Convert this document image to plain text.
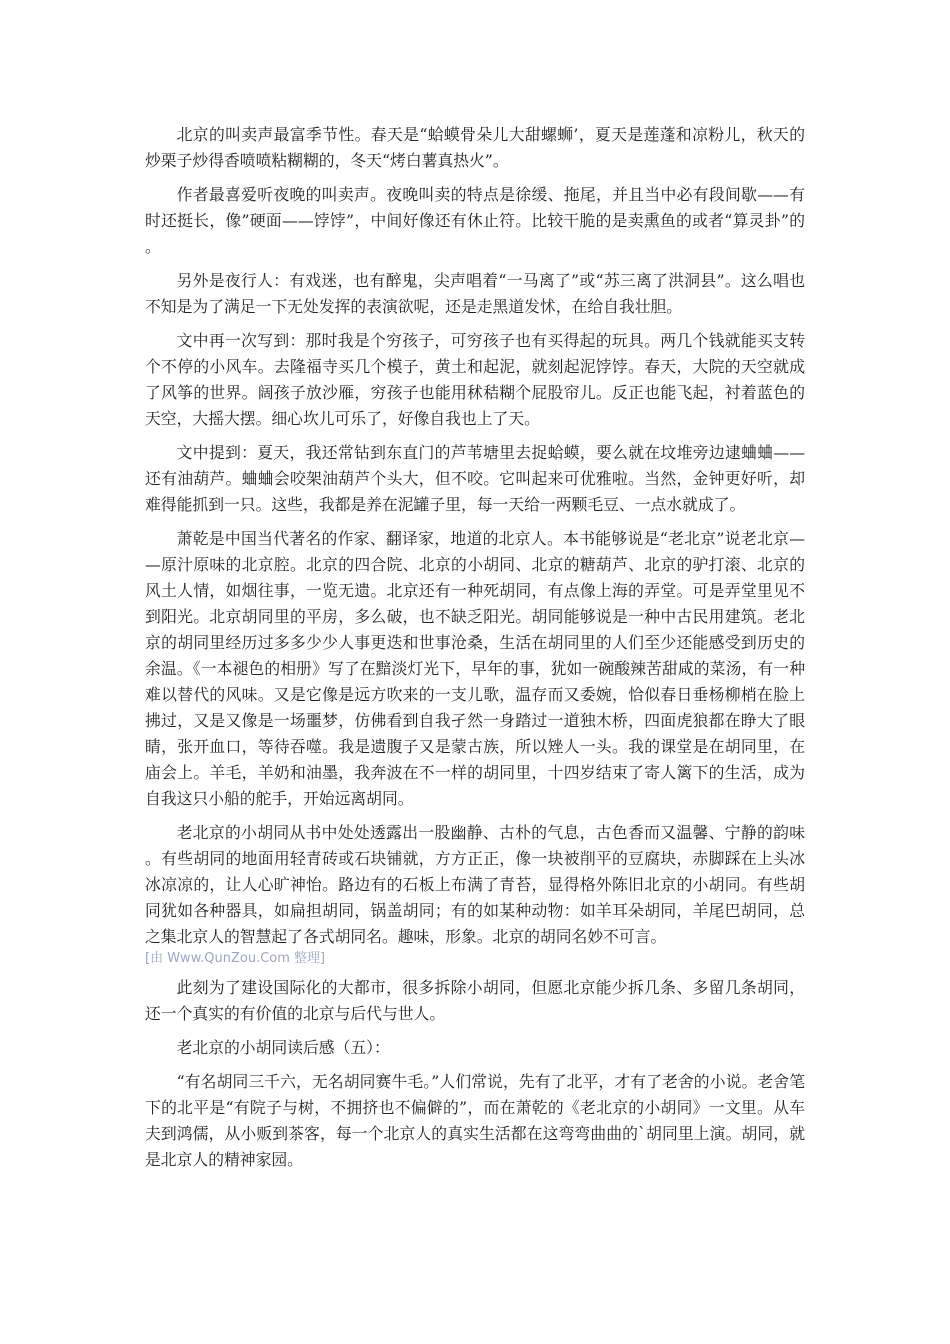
北京的叫卖声最富季节性。春天是“蛤蟆骨朵儿大甜螺蛳’，夏天是莲蓬和凉粉儿，秋天的炒栗子炒得香喷喷粘糊糊的，冬天“烤白薯真热火”。

作者最喜爱听夜晚的叫卖声。夜晚叫卖的特点是徐缓、拖尾，并且当中必有段间歇——有时还挺长，像”硬面——饽饽”，中间好像还有休止符。比较干脆的是卖熏鱼的或者“算灵卦”的。

另外是夜行人：有戏迷，也有醉鬼，尖声唱着“一马离了”或“苏三离了洪洞县”。这么唱也不知是为了满足一下无处发挥的表演欲呢，还是走黑道发怵，在给自我壮胆。

文中再一次写到：那时我是个穷孩子，可穷孩子也有买得起的玩具。两几个钱就能买支转个不停的小风车。去隆福寺买几个模子，黄土和起泥，就刻起泥饽饽。春天，大院的天空就成了风筝的世界。阔孩子放沙雁，穷孩子也能用秫秸糊个屁股帘儿。反正也能飞起，衬着蓝色的天空，大摇大摆。细心坎儿可乐了，好像自我也上了天。

文中提到：夏天，我还常钻到东直门的芦苇塘里去捉蛤蟆，要么就在坟堆旁边逮蛐蛐——还有油葫芦。蛐蛐会咬架油葫芦个头大，但不咬。它叫起来可优雅啦。当然，金钟更好听，却难得能抓到一只。这些，我都是养在泥罐子里，每一天给一两颗毛豆、一点水就成了。

萧乾是中国当代著名的作家、翻译家，地道的北京人。本书能够说是“老北京”说老北京——原汁原味的北京腔。北京的四合院、北京的小胡同、北京的糖葫芦、北京的驴打滚、北京的风土人情，如烟往事，一览无遗。北京还有一种死胡同，有点像上海的弄堂。可是弄堂里见不到阳光。北京胡同里的平房，多么破，也不缺乏阳光。胡同能够说是一种中古民用建筑。老北京的胡同里经历过多多少少人事更迭和世事沧桑，生活在胡同里的人们至少还能感受到历史的余温。《一本褪色的相册》写了在黯淡灯光下，早年的事，犹如一碗酸辣苦甜咸的菜汤，有一种难以替代的风味。又是它像是远方吹来的一支儿歌，温存而又委婉，恰似春日垂杨柳梢在脸上拂过，又是又像是一场噩梦，仿佛看到自我孑然一身踏过一道独木桥，四面虎狼都在睁大了眼睛，张开血口，等待吞噬。我是遗腹子又是蒙古族，所以矬人一头。我的课堂是在胡同里，在庙会上。羊毛，羊奶和油墨，我奔波在不一样的胡同里，十四岁结束了寄人篱下的生活，成为自我这只小船的舵手，开始远离胡同。

老北京的小胡同从书中处处透露出一股幽静、古朴的气息，古色香而又温馨、宁静的韵味。有些胡同的地面用轻青砖或石块铺就，方方正正，像一块被削平的豆腐块，赤脚踩在上头冰冰凉凉的，让人心旷神怡。路边有的石板上布满了青苔，显得格外陈旧北京的小胡同。有些胡同犹如各种器具，如扁担胡同，锅盖胡同；有的如某种动物：如羊耳朵胡同，羊尾巴胡同，总之集北京人的智慧起了各式胡同名。趣味，形象。北京的胡同名妙不可言。
[由 Www.QunZou.Com 整理]

此刻为了建设国际化的大都市，很多拆除小胡同，但愿北京能少拆几条、多留几条胡同，还一个真实的有价值的北京与后代与世人。

老北京的小胡同读后感（五）：

“有名胡同三千六，无名胡同赛牛毛。”人们常说，先有了北平，才有了老舍的小说。老舍笔下的北平是“有院子与树，不拥挤也不偏僻的”，而在萧乾的《老北京的小胡同》一文里。从车夫到鸿儒，从小贩到茶客，每一个北京人的真实生活都在这弯弯曲曲的`胡同里上演。胡同，就是北京人的精神家园。
